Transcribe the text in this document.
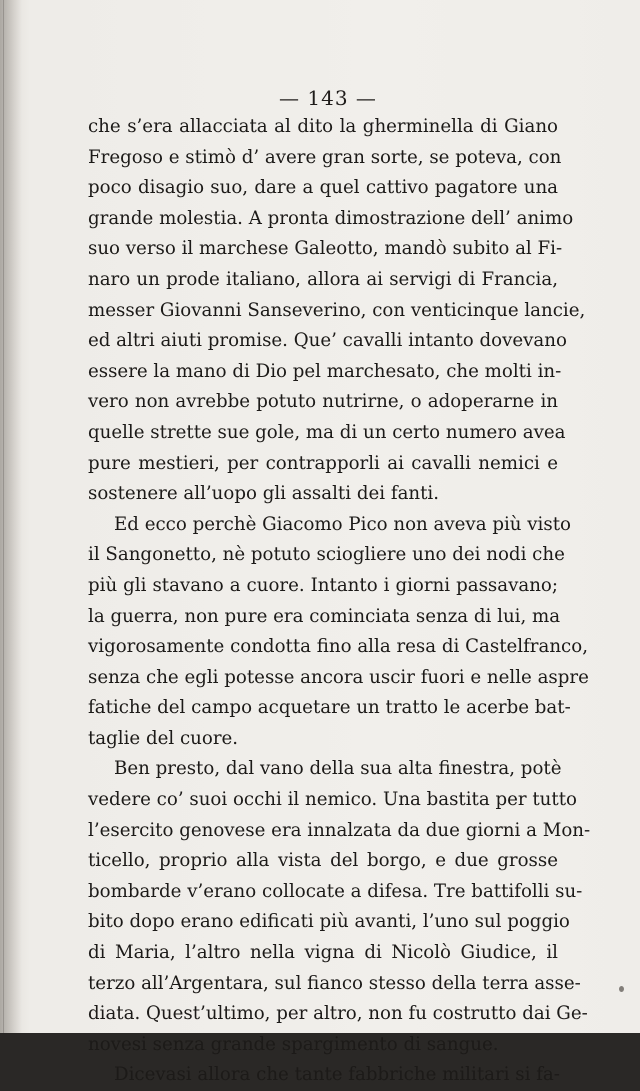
— 143 —
che s’era allacciata al dito la gherminella di Giano
Fregoso e stimò d’ avere gran sorte, se poteva, con
poco disagio suo, dare a quel cattivo pagatore una
grande molestia. A pronta dimostrazione dell’ animo
suo verso il marchese Galeotto, mandò subito al Fi-
naro un prode italiano, allora ai servigi di Francia,
messer Giovanni Sanseverino, con venticinque lancie,
ed altri aiuti promise. Que’ cavalli intanto dovevano
essere la mano di Dio pel marchesato, che molti in-
vero non avrebbe potuto nutrirne, o adoperarne in
quelle strette sue gole, ma di un certo numero avea
pure mestieri, per contrapporli ai cavalli nemici e
sostenere all’uopo gli assalti dei fanti.
Ed ecco perchè Giacomo Pico non aveva più visto
il Sangonetto, nè potuto sciogliere uno dei nodi che
più gli stavano a cuore. Intanto i giorni passavano;
la guerra, non pure era cominciata senza di lui, ma
vigorosamente condotta fino alla resa di Castelfranco,
senza che egli potesse ancora uscir fuori e nelle aspre
fatiche del campo acquetare un tratto le acerbe bat-
taglie del cuore.
Ben presto, dal vano della sua alta finestra, potè
vedere co’ suoi occhi il nemico. Una bastita per tutto
l’esercito genovese era innalzata da due giorni a Mon-
ticello, proprio alla vista del borgo, e due grosse
bombarde v’erano collocate a difesa. Tre battifolli su-
bito dopo erano edificati più avanti, l’uno sul poggio
di Maria, l’altro nella vigna di Nicolò Giudice, il
terzo all’Argentara, sul fianco stesso della terra asse-
diata. Quest’ultimo, per altro, non fu costrutto dai Ge-
novesi senza grande spargimento di sangue.
Dicevasi allora che tante fabbriche militari si fa-
